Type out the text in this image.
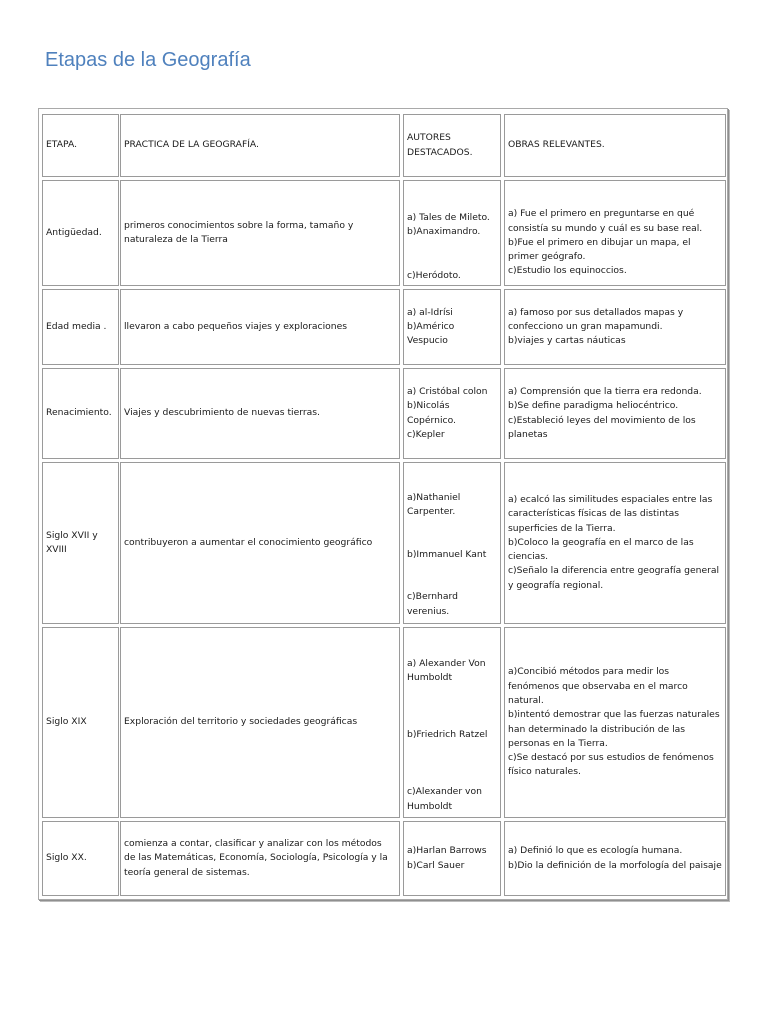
Etapas de la Geografía
ETAPA.	PRACTICA DE LA GEOGRAFÍA.
AUTORES DESTACADOS.
OBRAS RELEVANTES.
Antigüedad.
primeros conocimientos sobre la forma, tamaño y naturaleza de la Tierra
a) Tales de Mileto.
b)Anaximandro.
c)Heródoto.
a) Fue el primero en preguntarse en qué consistía su mundo y cuál es su base real.
b)Fue el primero en dibujar un mapa, el primer geógrafo.
c)Estudio los equinoccios.
Edad media . llevaron a cabo pequeños viajes y exploraciones
a) al-Idrísi
b)Américo Vespucio
a) famoso por sus detallados mapas y confecciono un gran mapamundi.
b)viajes y cartas náuticas
Renacimiento. Viajes y descubrimiento de nuevas tierras.
a) Cristóbal colon
b)Nicolás Copérnico.
c)Kepler
a) Comprensión que la tierra era redonda.
b)Se define paradigma heliocéntrico.
c)Estableció leyes del movimiento de los planetas
Siglo XVII y XVIII
contribuyeron a aumentar el conocimiento geográfico
a)Nathaniel Carpenter.
b)Immanuel Kant
c)Bernhard verenius.
a) ecalcó las similitudes espaciales entre las características físicas de las distintas superficies de la Tierra.
b)Coloco la geografía en el marco de las ciencias.
c)Señalo la diferencia entre geografía general y geografía regional.
Siglo XIX	Exploración del territorio y sociedades geográficas
a) Alexander Von Humboldt
b)Friedrich Ratzel
c)Alexander von Humboldt
a)Concibió métodos para medir los fenómenos que observaba en el marco natural.
b)intentó demostrar que las fuerzas naturales han determinado la distribución de las personas en la Tierra.
c)Se destacó por sus estudios de fenómenos físico naturales.
Siglo XX.
comienza a contar, clasificar y analizar con los métodos de las Matemáticas, Economía, Sociología, Psicología y la teoría general de sistemas.
a)Harlan Barrows
b)Carl Sauer
a) Definió lo que es ecología humana.
b)Dio la definición de la morfología del paisaje
